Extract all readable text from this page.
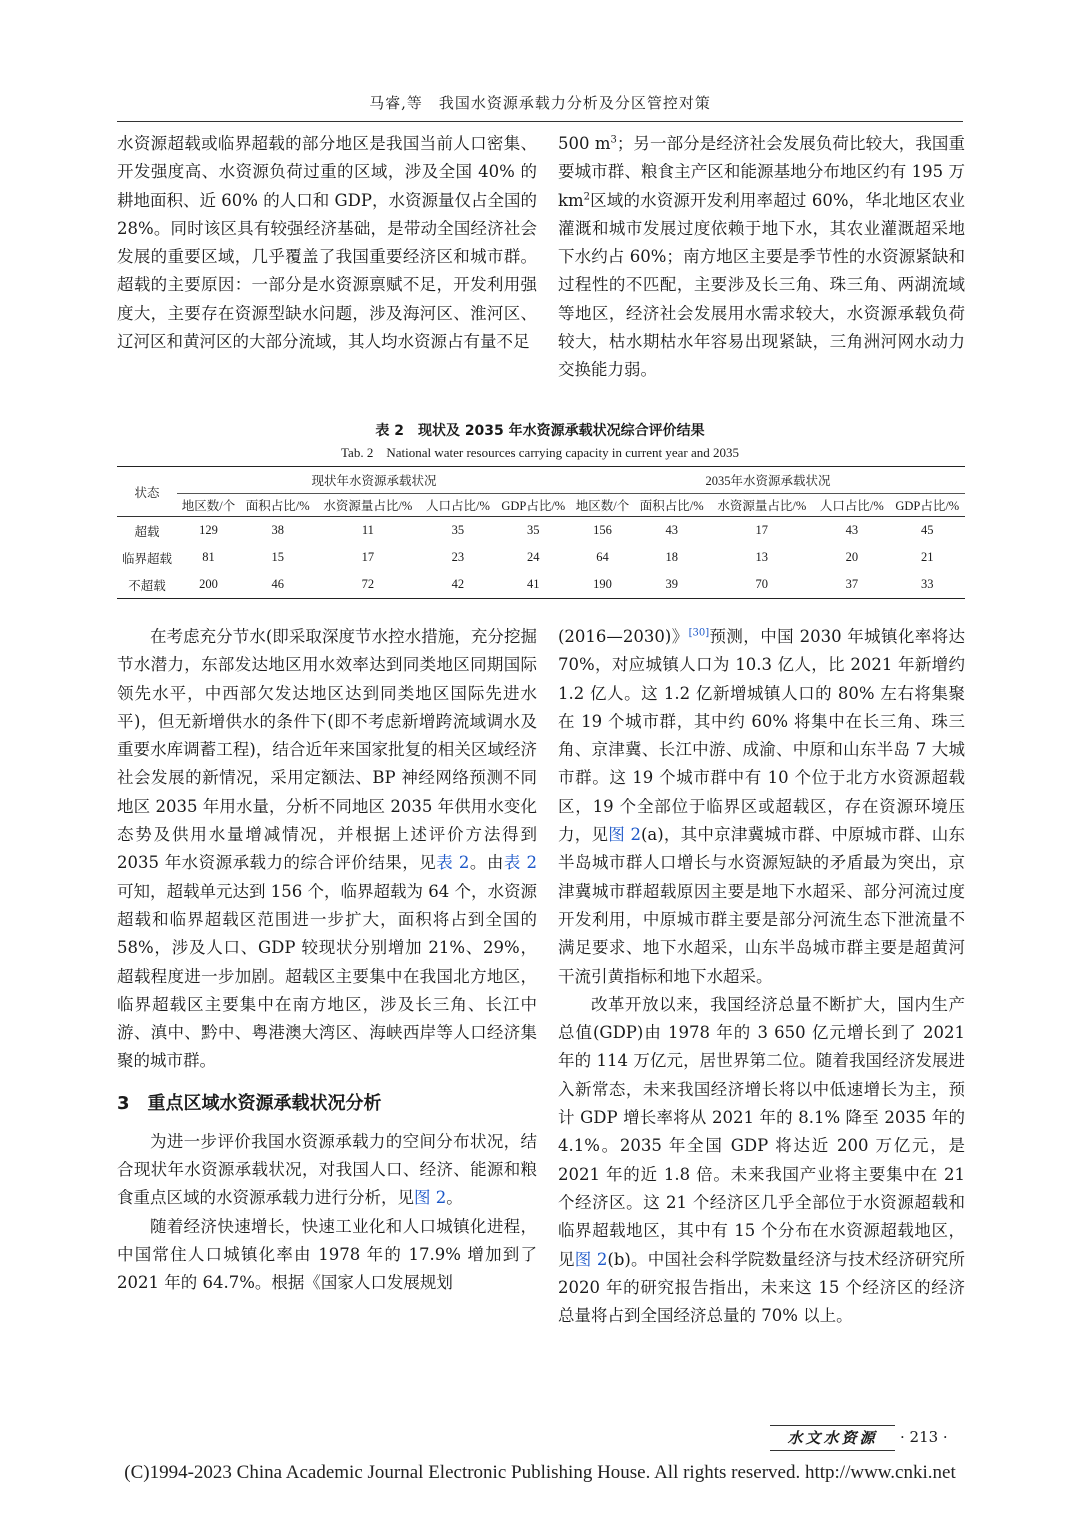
马睿,等　我国水资源承载力分析及分区管控对策

水资源超载或临界超载的部分地区是我国当前人口密集、开发强度高、水资源负荷过重的区域，涉及全国 40% 的耕地面积、近 60% 的人口和 GDP，水资源量仅占全国的 28%。同时该区具有较强经济基础，是带动全国经济社会发展的重要区域，几乎覆盖了我国重要经济区和城市群。超载的主要原因：一部分是水资源禀赋不足，开发利用强度大，主要存在资源型缺水问题，涉及海河区、淮河区、辽河区和黄河区的大部分流域，其人均水资源占有量不足

500 $m^3$；另一部分是经济社会发展负荷比较大，我国重要城市群、粮食主产区和能源基地分布地区约有 195 万 $km^2$区域的水资源开发利用率超过 60%，华北地区农业灌溉和城市发展过度依赖于地下水，其农业灌溉超采地下水约占 60%；南方地区主要是季节性的水资源紧缺和过程性的不匹配，主要涉及长三角、珠三角、两湖流域等地区，经济社会发展用水需求较大，水资源承载负荷较大，枯水期枯水年容易出现紧缺，三角洲河网水动力交换能力弱。

表 2　现状及 2035 年水资源承载状况综合评价结果
Tab. 2　National water resources carrying capacity in current year and 2035
状态	现状年水资源承载状况					2035年水资源承载状况				
	地区数/个	面积占比/%	水资源量占比/%	人口占比/%	GDP占比/%	地区数/个	面积占比/%	水资源量占比/%	人口占比/%	GDP占比/%
超载	129	38	11	35	35	156	43	17	43	45
临界超载	81	15	17	23	24	64	18	13	20	21
不超载	200	46	72	42	41	190	39	70	37	33

在考虑充分节水(即采取深度节水控水措施，充分挖掘节水潜力，东部发达地区用水效率达到同类地区同期国际领先水平，中西部欠发达地区达到同类地区国际先进水平)，但无新增供水的条件下(即不考虑新增跨流域调水及重要水库调蓄工程)，结合近年来国家批复的相关区域经济社会发展的新情况，采用定额法、BP 神经网络预测不同地区 2035 年用水量，分析不同地区 2035 年供用水变化态势及供用水量增减情况，并根据上述评价方法得到 2035 年水资源承载力的综合评价结果，见表 2。由表 2 可知，超载单元达到 156 个，临界超载为 64 个，水资源超载和临界超载区范围进一步扩大，面积将占到全国的 58%，涉及人口、GDP 较现状分别增加 21%、29%，超载程度进一步加剧。超载区主要集中在我国北方地区，临界超载区主要集中在南方地区，涉及长三角、长江中游、滇中、黔中、粤港澳大湾区、海峡西岸等人口经济集聚的城市群。

3　重点区域水资源承载状况分析

为进一步评价我国水资源承载力的空间分布状况，结合现状年水资源承载状况，对我国人口、经济、能源和粮食重点区域的水资源承载力进行分析，见图 2。

随着经济快速增长，快速工业化和人口城镇化进程，中国常住人口城镇化率由 1978 年的 17.9% 增加到了 2021 年的 64.7%。根据《国家人口发展规划

(2016—2030)》[30]预测，中国 2030 年城镇化率将达 70%，对应城镇人口为 10.3 亿人，比 2021 年新增约 1.2 亿人。这 1.2 亿新增城镇人口的 80% 左右将集聚在 19 个城市群，其中约 60% 将集中在长三角、珠三角、京津冀、长江中游、成渝、中原和山东半岛 7 大城市群。这 19 个城市群中有 10 个位于北方水资源超载区，19 个全部位于临界区或超载区，存在资源环境压力，见图 2(a)，其中京津冀城市群、中原城市群、山东半岛城市群人口增长与水资源短缺的矛盾最为突出，京津冀城市群超载原因主要是地下水超采、部分河流过度开发利用，中原城市群主要是部分河流生态下泄流量不满足要求、地下水超采，山东半岛城市群主要是超黄河干流引黄指标和地下水超采。

改革开放以来，我国经济总量不断扩大，国内生产总值(GDP)由 1978 年的 3 650 亿元增长到了 2021 年的 114 万亿元，居世界第二位。随着我国经济发展进入新常态，未来我国经济增长将以中低速增长为主，预计 GDP 增长率将从 2021 年的 8.1% 降至 2035 年的 4.1%。2035 年全国 GDP 将达近 200 万亿元，是 2021 年的近 1.8 倍。未来我国产业将主要集中在 21 个经济区。这 21 个经济区几乎全部位于水资源超载和临界超载地区，其中有 15 个分布在水资源超载地区，见图 2(b)。中国社会科学院数量经济与技术经济研究所 2020 年的研究报告指出，未来这 15 个经济区的经济总量将占到全国经济总量的 70% 以上。

水文水资源	· 213 ·
(C)1994-2023 China Academic Journal Electronic Publishing House. All rights reserved. http://www.cnki.net
